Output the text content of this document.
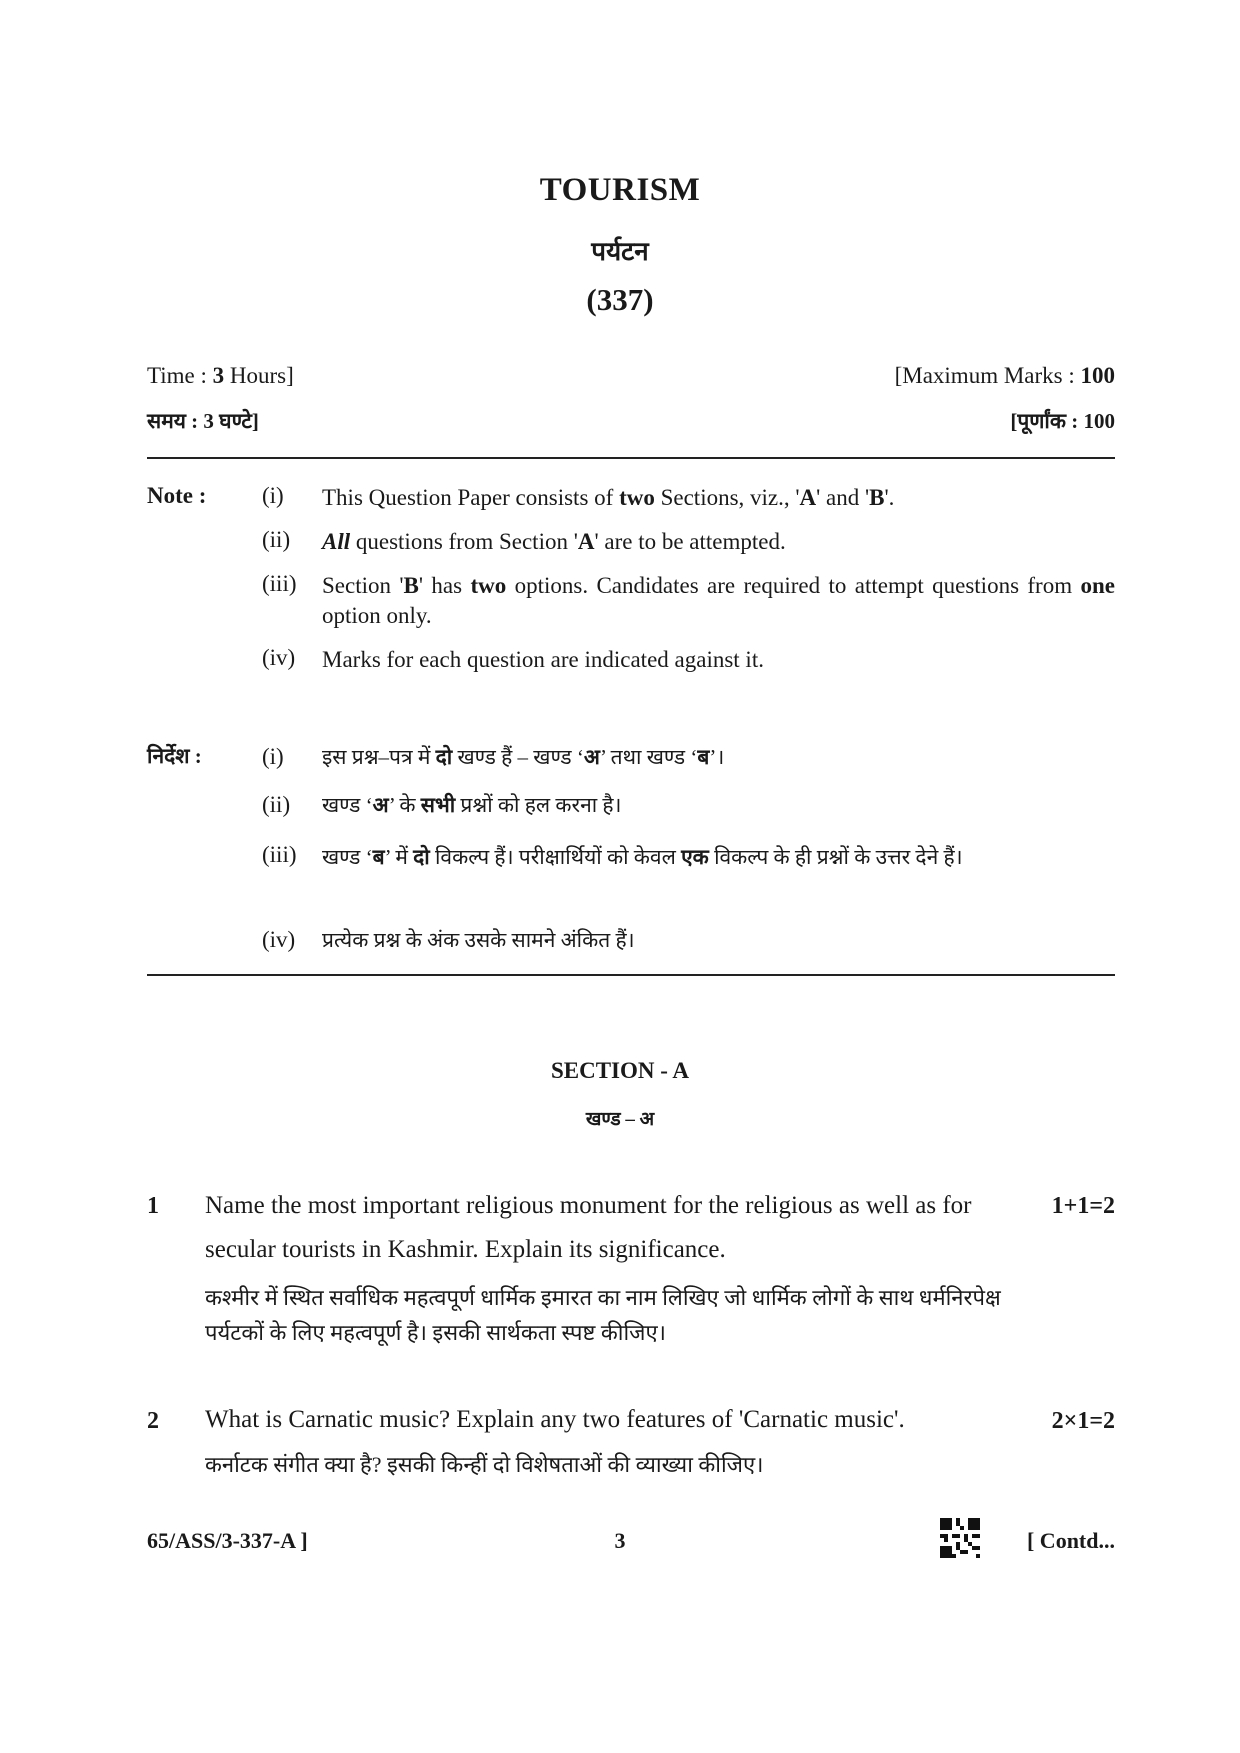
TOURISM
पर्यटन
(337)
Time : 3 Hours]	[Maximum Marks : 100
समय : 3 घण्टे]	[पूर्णांक : 100
Note : (i)	This Question Paper consists of two Sections, viz., 'A' and 'B'.
(ii)	All questions from Section 'A' are to be attempted.
(iii) Section 'B' has two options. Candidates are required to attempt questions from one option only.
(iv) Marks for each question are indicated against it.
निर्देश :	(i)	इस प्रश्न–पत्र में दो खण्ड हैं – खण्ड ‘अ’ तथा खण्ड ‘ब’।
(ii)	खण्ड ‘अ’ के सभी प्रश्नों को हल करना है।
(iii) खण्ड ‘ब’ में दो विकल्प हैं। परीक्षार्थियों को केवल एक विकल्प के ही प्रश्नों के उत्तर देने हैं।
(iv)	प्रत्येक प्रश्न के अंक उसके सामने अंकित हैं।
SECTION - A
खण्ड – अ
1 Name the most important religious monument for the religious as well as for secular tourists in Kashmir. Explain its significance.
1+1=2
कश्मीर में स्थित सर्वाधिक महत्वपूर्ण धार्मिक इमारत का नाम लिखिए जो धार्मिक लोगों के साथ धर्मनिरपेक्ष पर्यटकों के लिए महत्वपूर्ण है। इसकी सार्थकता स्पष्ट कीजिए।
2 What is Carnatic music? Explain any two features of 'Carnatic music'.	2×1=2
कर्नाटक संगीत क्या है? इसकी किन्हीं दो विशेषताओं की व्याख्या कीजिए।
65/ASS/3-337-A ]	3	[ Contd...
